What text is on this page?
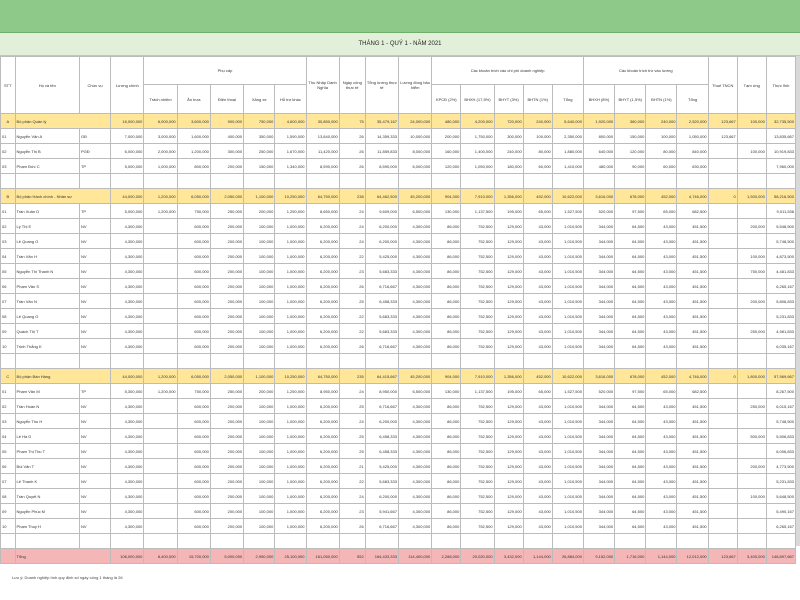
THÁNG 1 - QUÝ 1 - NĂM 2021
STT	Họ và tên	Chức vụ	Lương chính	Phụ cấp					Thu Nhập Danh Nghĩa	Ngày công thực tế	Tổng lương thực tế	Lương đóng bảo hiểm	Các khoản trích vào chi phí doanh nghiệp					Các khoản trích trừ vào lương				Thuế TNCN	Tạm ứng	Thực lĩnh
				Trách nhiệm	Ăn trưa	Điện thoại	Xăng xe	Hỗ trợ khác					KPCĐ (2%)	BHXH (17,5%)	BHYT (3%)	BHTN (1%)	Tổng	BHXH (8%)	BHYT (1,5%)	BHTN (1%)	Tổng			
A	Bộ phận Quản lý		16,000,000	6,000,000	3,600,000	900,000	750,000	4,600,000	30,850,000	75	35,479,167	24,000,000	480,000	4,200,000	720,000	240,000	5,640,000	1,920,000	360,000	240,000	2,520,000	123,667	100,000	32,735,500
01	Nguyễn Văn A	GĐ	7,000,000	3,000,000	1,600,000	400,000	350,000	1,590,000	13,840,000	26	14,359,333	10,000,000	200,000	1,750,000	300,000	100,000	2,350,000	800,000	150,000	100,000	1,050,000	123,667		13,835,667
02	Nguyễn Thị B	PGĐ	6,000,000	2,000,000	1,200,000	300,000	250,000	1,670,000	11,420,000	26	11,859,833	8,000,000	160,000	1,400,000	240,000	80,000	1,880,000	640,000	120,000	80,000	840,000		100,000	10,919,833
03	Phạm Đức C	TP	5,000,000	1,000,000	800,000	200,000	150,000	1,340,000	8,590,000	26	8,590,000	6,000,000	120,000	1,050,000	180,000	60,000	1,410,000	480,000	90,000	60,000	630,000			7,960,000

B	Bộ phận Hành chính - Nhân sự		44,000,000	1,200,000	6,050,000	2,050,000	1,100,000	10,250,000	64,750,000	238	64,462,500	45,200,000	904,000	7,910,000	1,356,000	452,000	10,622,000	3,616,000	678,000	452,000	4,746,000	0	1,500,000	58,216,500
01	Trần Xuân D	TP	5,000,000	1,200,000	750,000	250,000	200,000	1,250,000	8,650,000	24	9,609,000	6,500,000	130,000	1,137,500	195,000	65,000	1,527,500	520,000	97,500	65,000	682,500			9,011,538
02	Lý Thị E	NV	4,300,000		600,000	200,000	100,000	1,000,000	6,200,000	24	6,200,000	4,300,000	86,000	752,500	129,000	43,000	1,010,500	344,000	64,500	43,000	451,500		200,000	5,548,500
03	Lê Quang G	NV	4,300,000		600,000	200,000	100,000	1,000,000	6,200,000	24	6,200,000	4,300,000	86,000	752,500	129,000	43,000	1,010,500	344,000	64,500	43,000	451,500			5,748,500
04	Trần Văn H	NV	4,300,000		600,000	200,000	100,000	1,000,000	6,200,000	22	5,425,000	4,300,000	86,000	752,500	129,000	43,000	1,010,500	344,000	64,500	43,000	451,500		100,000	4,873,500
05	Nguyễn Thị Thanh N	NV	4,300,000		600,000	200,000	100,000	1,000,000	6,200,000	23	5,683,333	4,300,000	86,000	752,500	129,000	43,000	1,010,500	344,000	64,500	43,000	451,500		750,000	4,481,833
06	Phạm Văn S	NV	4,300,000		600,000	200,000	100,000	1,000,000	6,200,000	26	6,716,667	4,300,000	86,000	752,500	129,000	43,000	1,010,500	344,000	64,500	43,000	451,500			6,265,167
07	Trần Văn N	NV	4,300,000		600,000	200,000	100,000	1,000,000	6,200,000	25	6,458,333	4,300,000	86,000	752,500	129,000	43,000	1,010,500	344,000	64,500	43,000	451,500		200,000	5,806,833
08	Lê Quang G	NV	4,300,000		600,000	200,000	100,000	1,000,000	6,200,000	22	5,683,333	4,300,000	86,000	752,500	129,000	43,000	1,010,500	344,000	64,500	43,000	451,500			5,231,833
09	Quách Thị T	NV	4,300,000		600,000	200,000	100,000	1,000,000	6,200,000	22	5,683,333	4,300,000	86,000	752,500	129,000	43,000	1,010,500	344,000	64,500	43,000	451,500		250,000	4,981,833
10	Trịnh Thắng K	NV	4,300,000		600,000	200,000	100,000	1,000,000	6,200,000	26	6,716,667	4,300,000	86,000	752,500	129,000	43,000	1,010,500	344,000	64,500	43,000	451,500			6,035,167

C	Bộ phận Bán Hàng		44,000,000	1,200,000	6,050,000	2,050,000	1,100,000	10,250,000	64,750,000	235	64,415,667	45,200,000	904,000	7,910,000	1,356,000	452,000	10,622,000	3,616,000	678,000	452,000	4,746,000	0	1,800,000	57,969,667
01	Phạm Văn M	TP	5,300,000	1,200,000	750,000	250,000	200,000	1,250,000	8,950,000	24	8,950,000	6,500,000	130,000	1,137,500	195,000	65,000	1,527,500	520,000	97,500	65,000	682,500			8,267,500
02	Trần Hoàn N	NV	4,300,000		600,000	200,000	100,000	1,000,000	6,200,000	25	6,716,667	4,300,000	86,000	752,500	129,000	43,000	1,010,500	344,000	64,500	43,000	451,500		250,000	6,015,167
03	Nguyễn Thu H	NV	4,300,000		600,000	200,000	100,000	1,000,000	6,200,000	24	6,200,000	4,300,000	86,000	752,500	129,000	43,000	1,010,500	344,000	64,500	43,000	451,500			5,748,500
04	Lê Hà D	NV	4,300,000		600,000	200,000	100,000	1,000,000	6,200,000	25	6,458,333	4,300,000	86,000	752,500	129,000	43,000	1,010,500	344,000	64,500	43,000	451,500		500,000	5,506,833
05	Phạm Thị Thu T	NV	4,300,000		600,000	200,000	100,000	1,000,000	6,200,000	25	6,458,333	4,300,000	86,000	752,500	129,000	43,000	1,010,500	344,000	64,500	43,000	451,500			6,006,833
06	Bùi Văn T	NV	4,300,000		600,000	200,000	100,000	1,000,000	6,200,000	21	5,425,000	4,300,000	86,000	752,500	129,000	43,000	1,010,500	344,000	64,500	43,000	451,500		200,000	4,773,500
07	Lê Thanh K	NV	4,300,000		600,000	200,000	100,000	1,000,000	6,200,000	22	5,683,333	4,300,000	86,000	752,500	129,000	43,000	1,010,500	344,000	64,500	43,000	451,500			5,231,833
08	Trần Quyết N	NV	4,300,000		600,000	200,000	100,000	1,000,000	6,200,000	24	6,200,000	4,300,000	86,000	752,500	129,000	43,000	1,010,500	344,000	64,500	43,000	451,500		100,000	5,648,500
09	Nguyễn Phúc M	NV	4,300,000		600,000	200,000	100,000	1,000,000	6,200,000	23	5,941,667	4,300,000	86,000	752,500	129,000	43,000	1,010,500	344,000	64,500	43,000	451,500			5,490,167
10	Phạm Thuý H	NV	4,300,000		600,000	200,000	100,000	1,000,000	6,200,000	26	6,716,667	4,300,000	86,000	752,500	129,000	43,000	1,010,500	344,000	64,500	43,000	451,500			6,265,167

	Tổng		106,000,000	8,400,000	15,700,000	5,000,000	2,950,000	25,100,000	161,050,000	552	164,433,333	114,400,000	2,288,000	20,020,000	3,432,000	1,144,000	26,884,000	9,152,000	1,716,000	1,144,000	12,012,000	123,667	3,400,000	148,897,667
Lưu ý: Doanh nghiệp tính quy định số ngày công 1 tháng là 26
